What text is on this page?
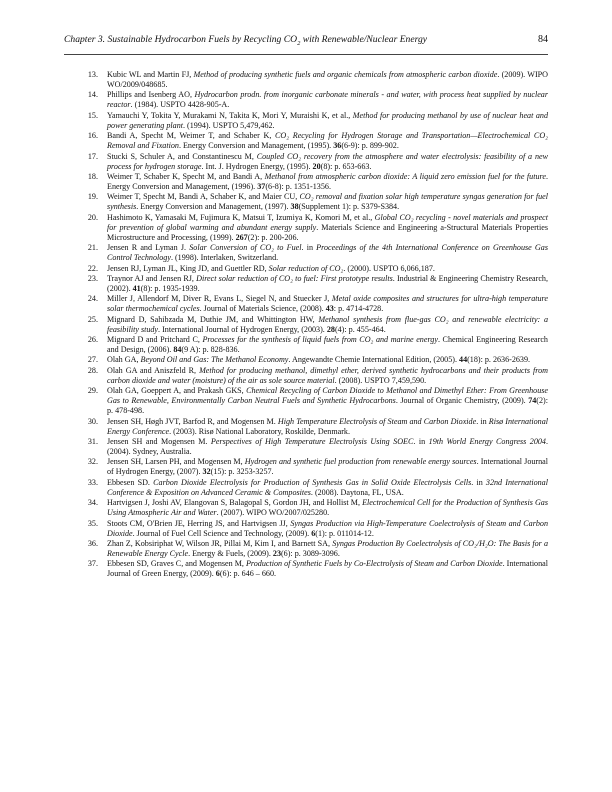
Chapter 3. Sustainable Hydrocarbon Fuels by Recycling $CO_2$ with Renewable/Nuclear Energy	84
13. Kubic WL and Martin FJ, Method of producing synthetic fuels and organic chemicals from atmospheric carbon dioxide. (2009). WIPO WO/2009/048685.
14. Phillips and Isenberg AO, Hydrocarbon prodn. from inorganic carbonate minerals - and water, with process heat supplied by nuclear reactor. (1984). USPTO 4428-905-A.
15. Yamauchi Y, Tokita Y, Murakami N, Takita K, Mori Y, Muraishi K, et al., Method for producing methanol by use of nuclear heat and power generating plant. (1994). USPTO 5,479,462.
16. Bandi A, Specht M, Weimer T, and Schaber K, CO₂ Recycling for Hydrogen Storage and Transportation—Electrochemical CO₂ Removal and Fixation. Energy Conversion and Management, (1995). 36(6-9): p. 899-902.
17. Stucki S, Schuler A, and Constantinescu M, Coupled CO₂ recovery from the atmosphere and water electrolysis: feasibility of a new process for hydrogen storage. Int. J. Hydrogen Energy, (1995). 20(8): p. 653-663.
18. Weimer T, Schaber K, Specht M, and Bandi A, Methanol from atmospheric carbon dioxide: A liquid zero emission fuel for the future. Energy Conversion and Management, (1996). 37(6-8): p. 1351-1356.
19. Weimer T, Specht M, Bandi A, Schaber K, and Maier CU, CO₂ removal and fixation solar high temperature syngas generation for fuel synthesis. Energy Conversion and Management, (1997). 38(Supplement 1): p. S379-S384.
20. Hashimoto K, Yamasaki M, Fujimura K, Matsui T, Izumiya K, Komori M, et al., Global CO₂ recycling - novel materials and prospect for prevention of global warming and abundant energy supply. Materials Science and Engineering a-Structural Materials Properties Microstructure and Processing, (1999). 267(2): p. 200-206.
21. Jensen R and Lyman J. Solar Conversion of CO₂ to Fuel. in Proceedings of the 4th International Conference on Greenhouse Gas Control Technology. (1998). Interlaken, Switzerland.
22. Jensen RJ, Lyman JL, King JD, and Guettler RD, Solar reduction of CO₂. (2000). USPTO 6,066,187.
23. Traynor AJ and Jensen RJ, Direct solar reduction of CO₂ to fuel: First prototype results. Industrial & Engineering Chemistry Research, (2002). 41(8): p. 1935-1939.
24. Miller J, Allendorf M, Diver R, Evans L, Siegel N, and Stuecker J, Metal oxide composites and structures for ultra-high temperature solar thermochemical cycles. Journal of Materials Science, (2008). 43: p. 4714-4728.
25. Mignard D, Sahibzada M, Duthie JM, and Whittington HW, Methanol synthesis from flue-gas CO₂ and renewable electricity: a feasibility study. International Journal of Hydrogen Energy, (2003). 28(4): p. 455-464.
26. Mignard D and Pritchard C, Processes for the synthesis of liquid fuels from CO₂ and marine energy. Chemical Engineering Research and Design, (2006). 84(9 A): p. 828-836.
27. Olah GA, Beyond Oil and Gas: The Methanol Economy. Angewandte Chemie International Edition, (2005). 44(18): p. 2636-2639.
28. Olah GA and Aniszfeld R, Method for producing methanol, dimethyl ether, derived synthetic hydrocarbons and their products from carbon dioxide and water (moisture) of the air as sole source material. (2008). USPTO 7,459,590.
29. Olah GA, Goeppert A, and Prakash GKS, Chemical Recycling of Carbon Dioxide to Methanol and Dimethyl Ether: From Greenhouse Gas to Renewable, Environmentally Carbon Neutral Fuels and Synthetic Hydrocarbons. Journal of Organic Chemistry, (2009). 74(2): p. 478-498.
30. Jensen SH, Høgh JVT, Barfod R, and Mogensen M. High Temperature Electrolysis of Steam and Carbon Dioxide. in Risø International Energy Conference. (2003). Risø National Laboratory, Roskilde, Denmark.
31. Jensen SH and Mogensen M. Perspectives of High Temperature Electrolysis Using SOEC. in 19th World Energy Congress 2004. (2004). Sydney, Australia.
32. Jensen SH, Larsen PH, and Mogensen M, Hydrogen and synthetic fuel production from renewable energy sources. International Journal of Hydrogen Energy, (2007). 32(15): p. 3253-3257.
33. Ebbesen SD. Carbon Dioxide Electrolysis for Production of Synthesis Gas in Solid Oxide Electrolysis Cells. in 32nd International Conference & Exposition on Advanced Ceramic & Composites. (2008). Daytona, FL, USA.
34. Hartvigsen J, Joshi AV, Elangovan S, Balagopal S, Gordon JH, and Hollist M, Electrochemical Cell for the Production of Synthesis Gas Using Atmospheric Air and Water. (2007). WIPO WO/2007/025280.
35. Stoots CM, O'Brien JE, Herring JS, and Hartvigsen JJ, Syngas Production via High-Temperature Coelectrolysis of Steam and Carbon Dioxide. Journal of Fuel Cell Science and Technology, (2009). 6(1): p. 011014-12.
36. Zhan Z, Kobsiriphat W, Wilson JR, Pillai M, Kim I, and Barnett SA, Syngas Production By Coelectrolysis of CO₂/H₂O: The Basis for a Renewable Energy Cycle. Energy & Fuels, (2009). 23(6): p. 3089-3096.
37. Ebbesen SD, Graves C, and Mogensen M, Production of Synthetic Fuels by Co-Electrolysis of Steam and Carbon Dioxide. International Journal of Green Energy, (2009). 6(6): p. 646 – 660.
